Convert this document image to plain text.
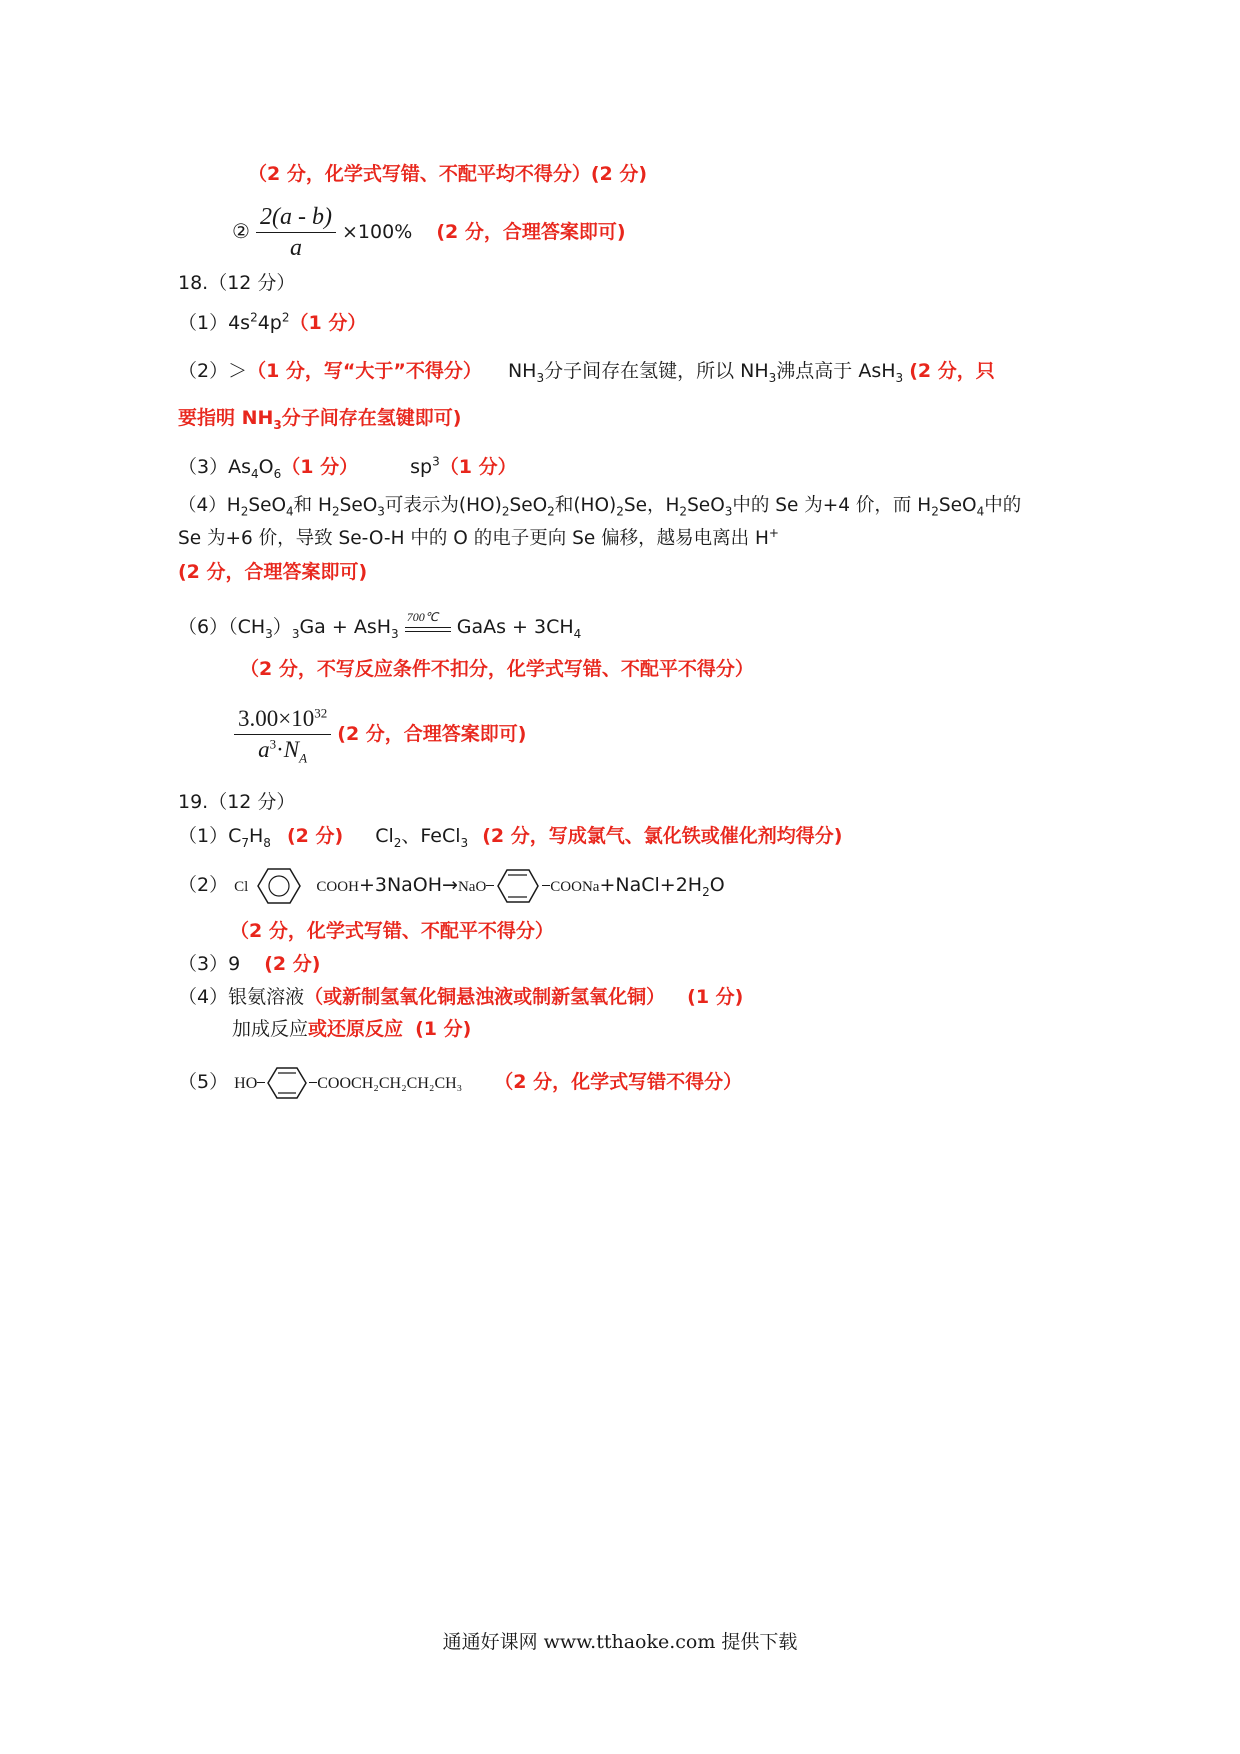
（2 分，化学式写错、不配平均不得分）(2 分)
② $\frac{2(a - b)}{a} \times 100\%$ (2 分，合理答案即可)
18.（12 分）
$(1)4s^24p^2(1$ 分）
（2）＞（1 分，写“大于”不得分） $NH_3$分子间存在氢键，所以 $NH_3$沸点高于 AsH$_3$ (2 分，只
要指明 $NH_3$分子间存在氢键即可)
$(3)As_4O_6(1$ 分）	$sp^3(1$ 分）
$(4)H_2SeO_4$和 $H_2SeO_3$可表示为$(HO)_2SeO_2$和$(HO)_2Se$，$H_2SeO_3$中的 Se 为+4 价，而 $H_2SeO_4$中的
Se 为+6 价，导致 Se-O-H 中的 O 的电子更向 Se 偏移，越易电离出 H+
(2 分，合理答案即可)
$(6)(CH_3)_3Ga + AsH_3$
700℃ GaAs + $3CH_4$
（2 分，不写反应条件不扣分，化学式写错、不配平不得分）
$\frac{3.00\times 10^{32}}{a^3\cdot N_A} (2$ 分，合理答案即可)
19.（12 分）
$(1)C_7H_8$ (2 分) $Cl_2$、FeCl$_3$ (2 分，写成氯气、氯化铁或催化剂均得分)
（2） Cl	COOH+3NaOH→NaO	$COONa+NaCl+2H_2O$
（2 分，化学式写错、不配平不得分）
（3）9 (2 分)
（4）银氨溶液（或新制氢氧化铜悬浊液或制新氢氧化铜） (1 分)
加成反应或还原反应 (1 分)
（5） HO	COOCH₂CH₂CH₂CH₃ （2 分，化学式写错不得分）
通通好课网 www.tthaoke.com 提供下载
